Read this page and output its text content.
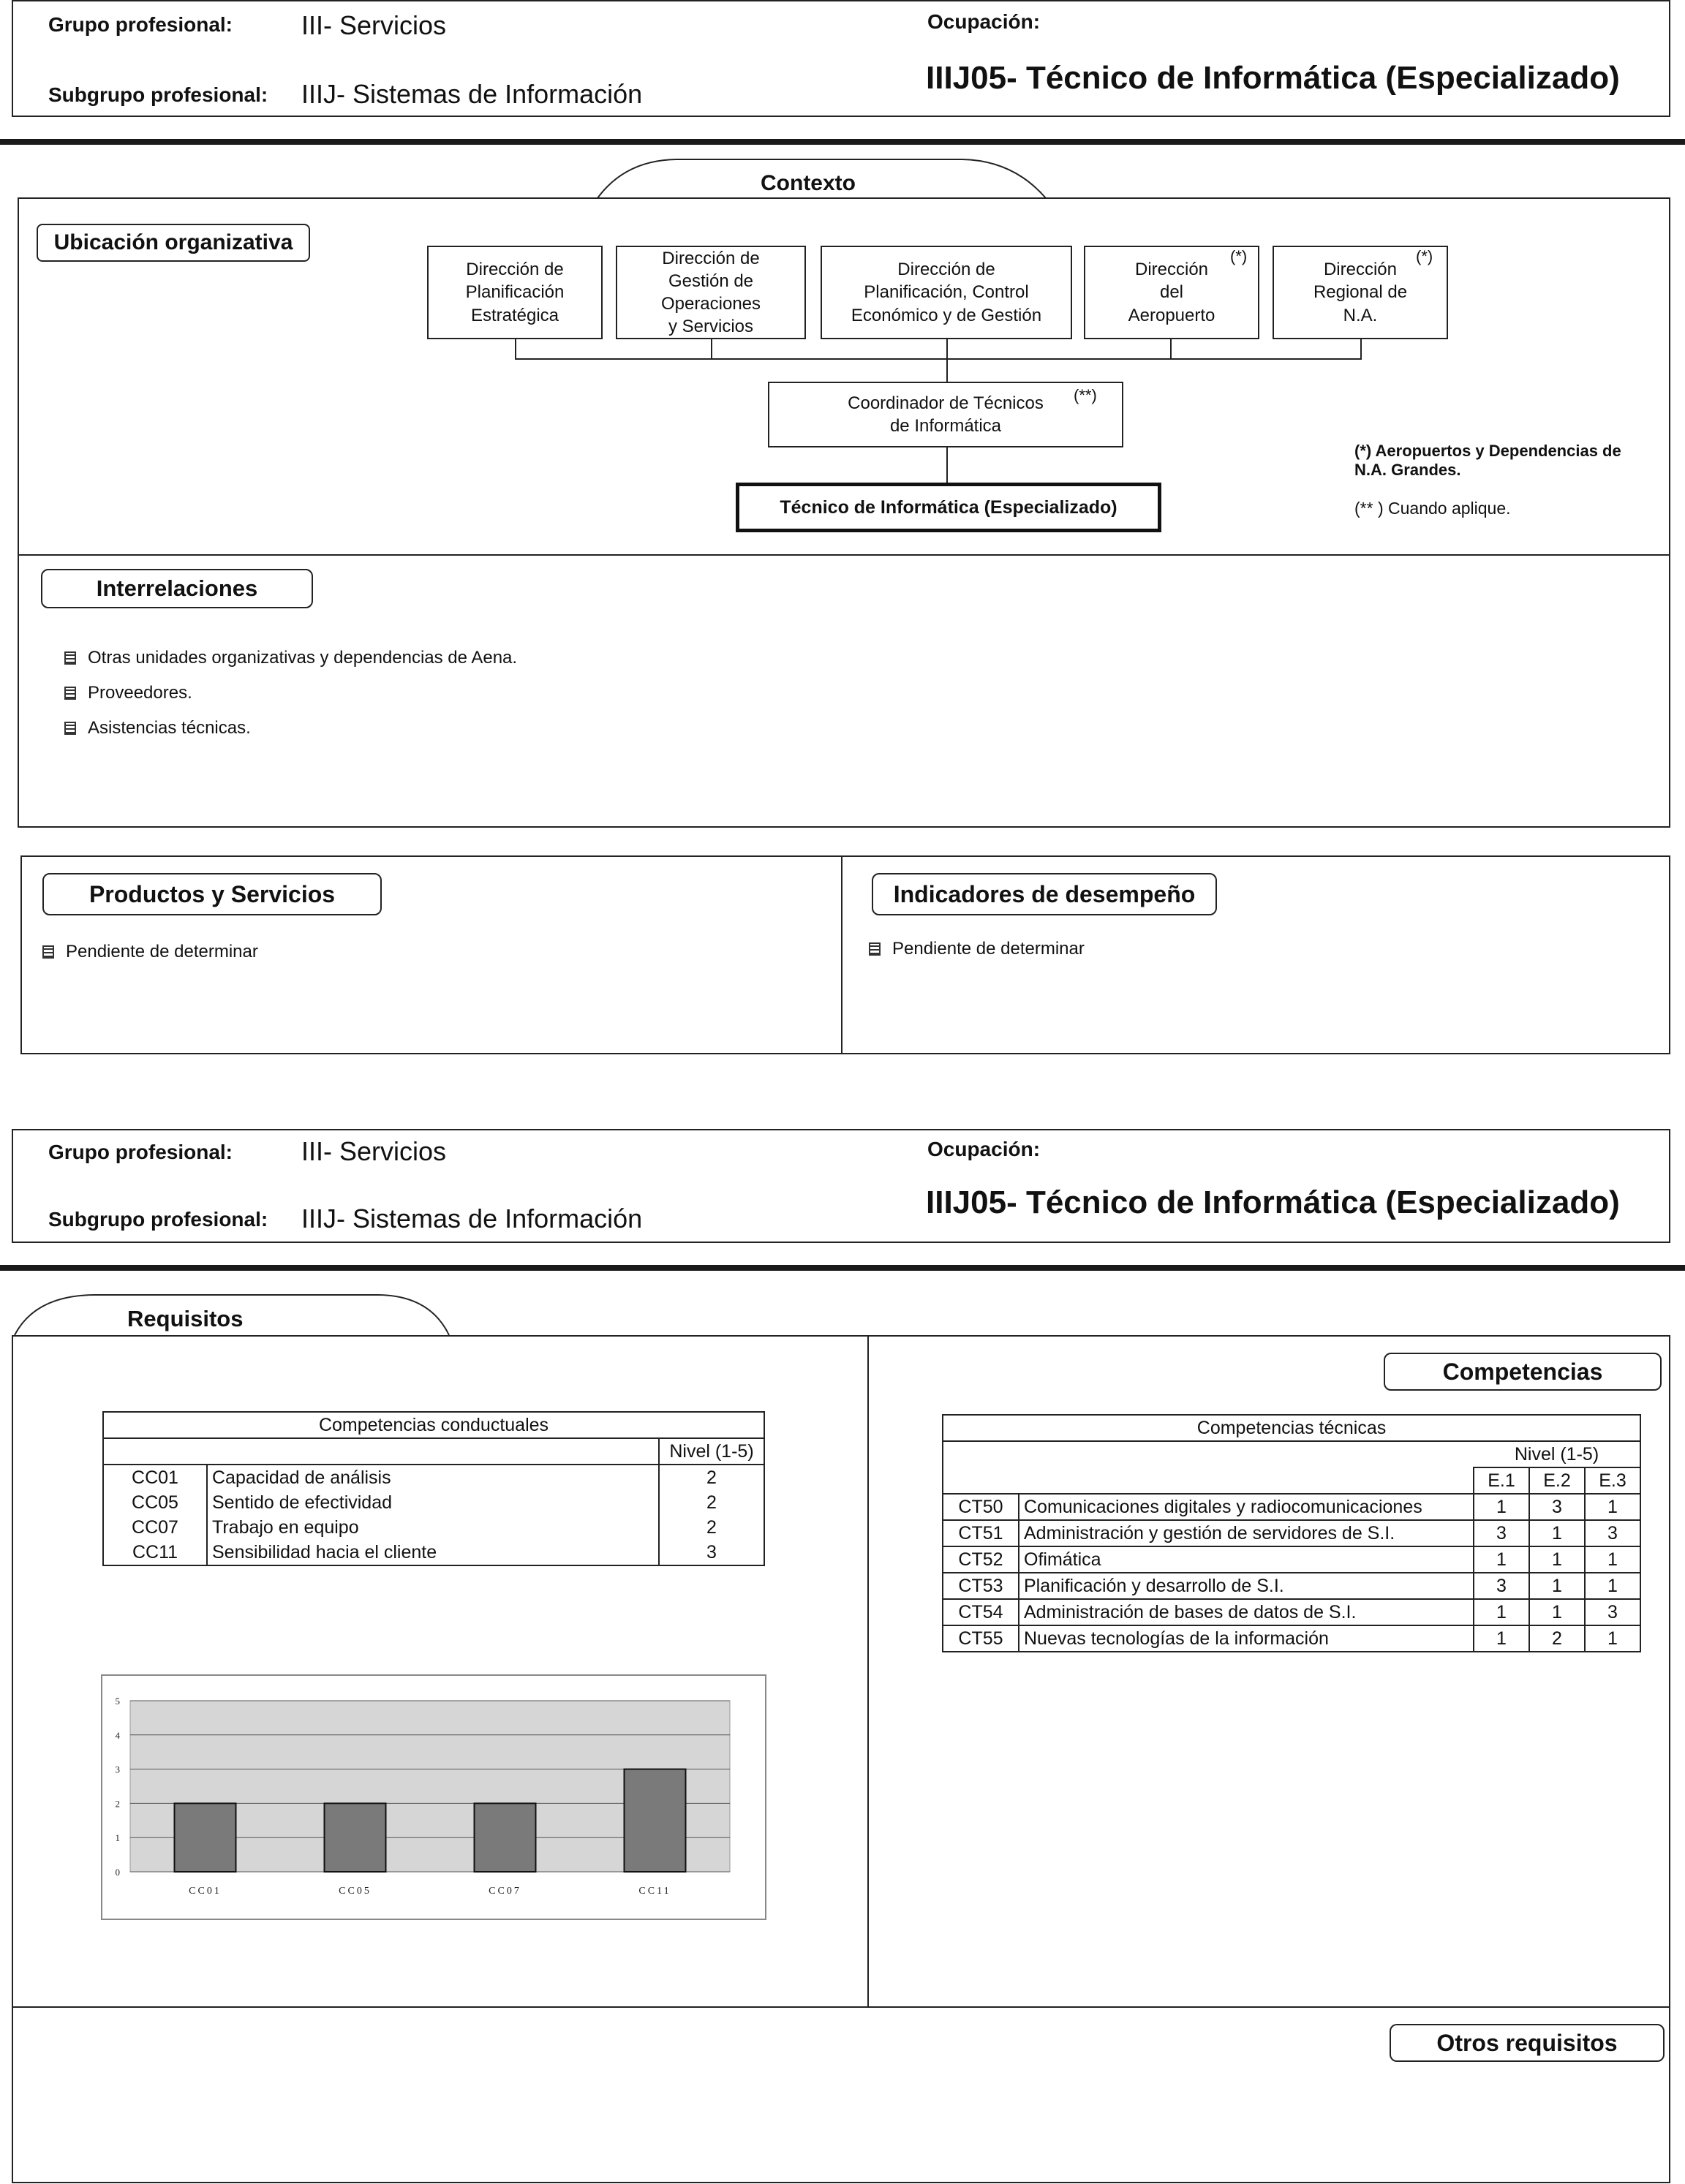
Grupo profesional:	III- Servicios	Ocupación:
Subgrupo profesional: IIIJ- Sistemas de Información	IIIJ05- Técnico de Informática (Especializado)
Contexto
Ubicación organizativa
Dirección de
Planificación
Estratégica
Dirección de
Gestión de
Operaciones
y Servicios
Dirección de
Planificación, Control
Económico y de Gestión
Dirección
del
Aeropuerto
(*)
Dirección
Regional de
N.A.
(*)
Coordinador de Técnicos
de Informática
(**)
Técnico de Informática (Especializado)
(*) Aeropuertos y Dependencias de N.A. Grandes.
(** ) Cuando aplique.
Interrelaciones
Otras unidades organizativas y dependencias de Aena.
Proveedores.
Asistencias técnicas.
Productos y Servicios
Pendiente de determinar
Indicadores de desempeño
Pendiente de determinar
Grupo profesional:	III- Servicios	Ocupación:
Subgrupo profesional: IIIJ- Sistemas de Información	IIIJ05- Técnico de Informática (Especializado)
Requisitos
Competencias
Otros requisitos
Competencias conductuales		
		Nivel (1-5)
CC01	Capacidad de análisis	2
CC05	Sentido de efectividad	2
CC07	Trabajo en equipo	2
CC11	Sensibilidad hacia el cliente	3
Competencias técnicas				
		Nivel (1-5)		
		E.1	E.2	E.3
CT50	Comunicaciones digitales y radiocomunicaciones	1	3	1
CT51	Administración y gestión de servidores de S.I.	3	1	3
CT52	Ofimática	1	1	1
CT53	Planificación y desarrollo de S.I.	3	1	1
CT54	Administración de bases de datos de S.I.	1	1	3
CT55	Nuevas tecnologías de la información	1	2	1
0
1
2
3
4
5
CC01	CC05	CC07	CC11
